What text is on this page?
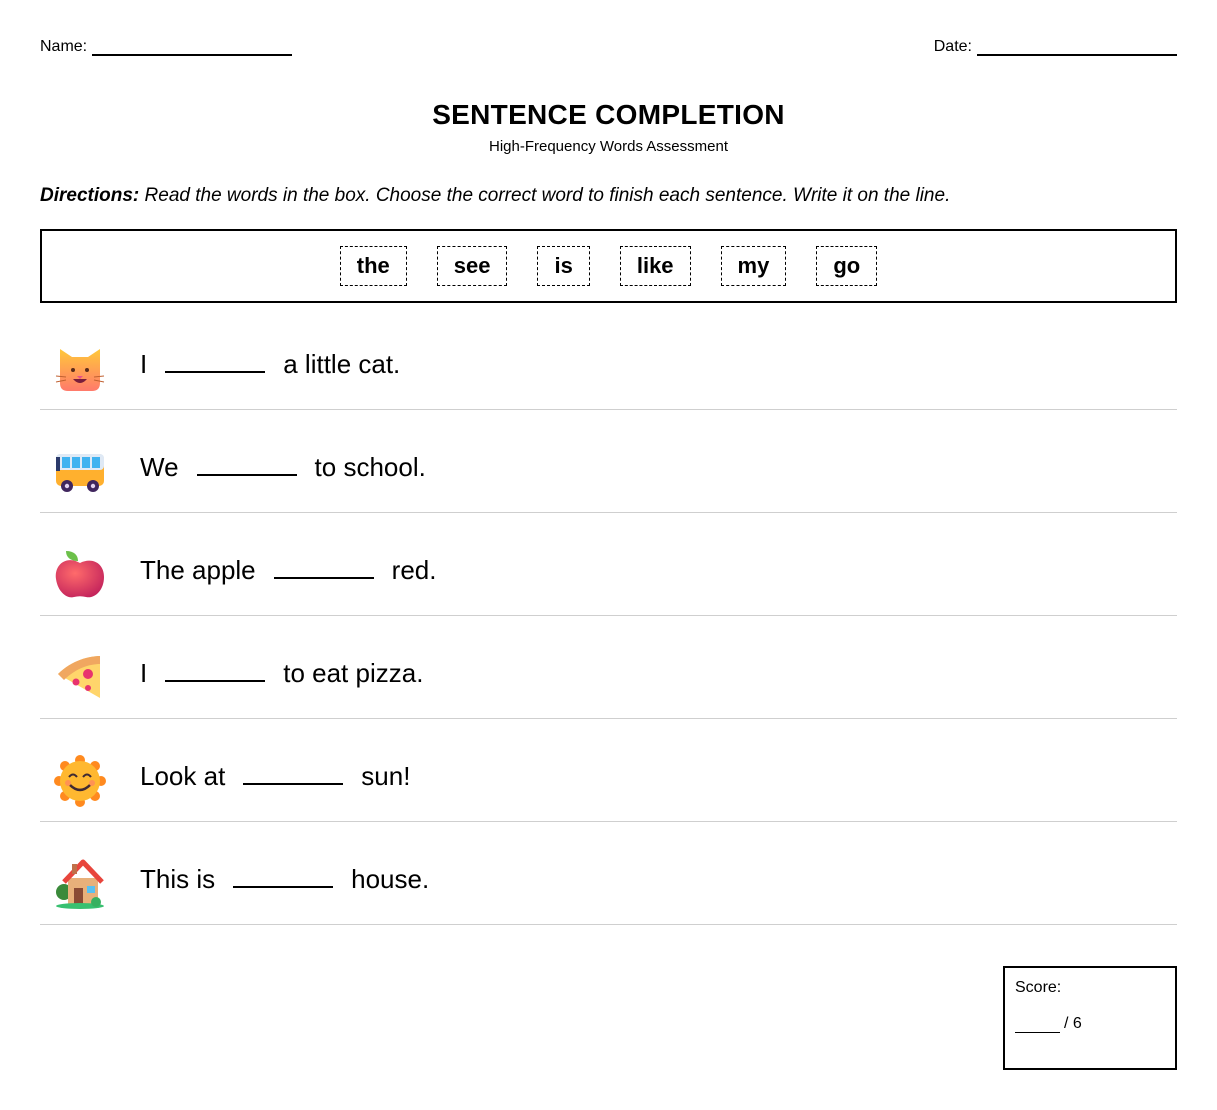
Name:	Date:
SENTENCE COMPLETION
High-Frequency Words Assessment
Directions: Read the words in the box. Choose the correct word to finish each sentence. Write it on the line.
the	see	is	like	my	go
I	a little cat.
We	to school.
The apple	red.
I	to eat pizza.
Look at	sun!
This is	house.
Score:
/ 6
